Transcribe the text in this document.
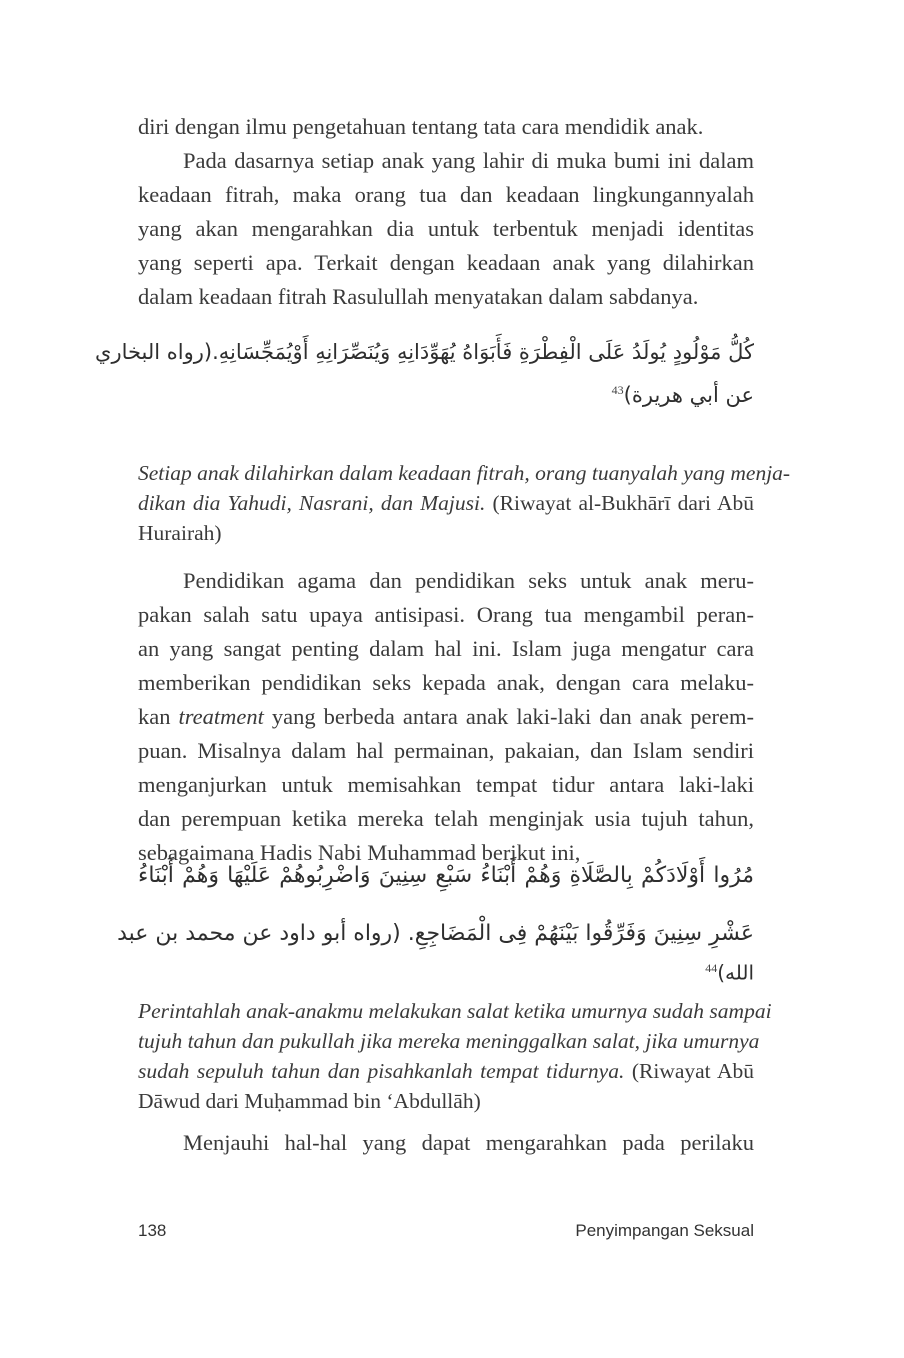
diri dengan ilmu pengetahuan tentang tata cara mendidik anak.
Pada dasarnya setiap anak yang lahir di muka bumi ini dalam
keadaan fitrah, maka orang tua dan keadaan lingkungannyalah
yang akan mengarahkan dia untuk terbentuk menjadi identitas
yang seperti apa. Terkait dengan keadaan anak yang dilahirkan
dalam keadaan fitrah Rasulullah menyatakan dalam sabdanya.
كُلُّ مَوْلُودٍ يُولَدُ عَلَى الْفِطْرَةِ فَأَبَوَاهُ يُهَوِّدَانِهِ وَيُنَصِّرَانِهِ أَوْيُمَجِّسَانِهِ.(رواه البخاري
عن أبي هريرة)$^{43}$
Setiap anak dilahirkan dalam keadaan fitrah, orang tuanyalah yang menja-
dikan dia Yahudi, Nasrani, dan Majusi. (Riwayat al-Bukhārī dari Abū
Hurairah)
Pendidikan agama dan pendidikan seks untuk anak meru-
pakan salah satu upaya antisipasi. Orang tua mengambil peran-
an yang sangat penting dalam hal ini. Islam juga mengatur cara
memberikan pendidikan seks kepada anak, dengan cara melaku-
kan treatment yang berbeda antara anak laki-laki dan anak perem-
puan. Misalnya dalam hal permainan, pakaian, dan Islam sendiri
menganjurkan untuk memisahkan tempat tidur antara laki-laki
dan perempuan ketika mereka telah menginjak usia tujuh tahun,
sebagaimana Hadis Nabi Muhammad berikut ini,
مُرُوا أَوْلَادَكُمْ بِالصَّلَاةِ وَهُمْ أَبْنَاءُ سَبْعِ سِنِينَ وَاضْرِبُوهُمْ عَلَيْهَا وَهُمْ أَبْنَاءُ
عَشْرِ سِنِينَ وَفَرِّقُوا بَيْنَهُمْ فِى الْمَضَاجِعِ. (رواه أبو داود عن محمد بن عبد
الله)$^{44}$
Perintahlah anak-anakmu melakukan salat ketika umurnya sudah sampai
tujuh tahun dan pukullah jika mereka meninggalkan salat, jika umurnya
sudah sepuluh tahun dan pisahkanlah tempat tidurnya. (Riwayat Abū
Dāwud dari Muḥammad bin ‘Abdullāh)
Menjauhi hal-hal yang dapat mengarahkan pada perilaku
138	Penyimpangan Seksual
